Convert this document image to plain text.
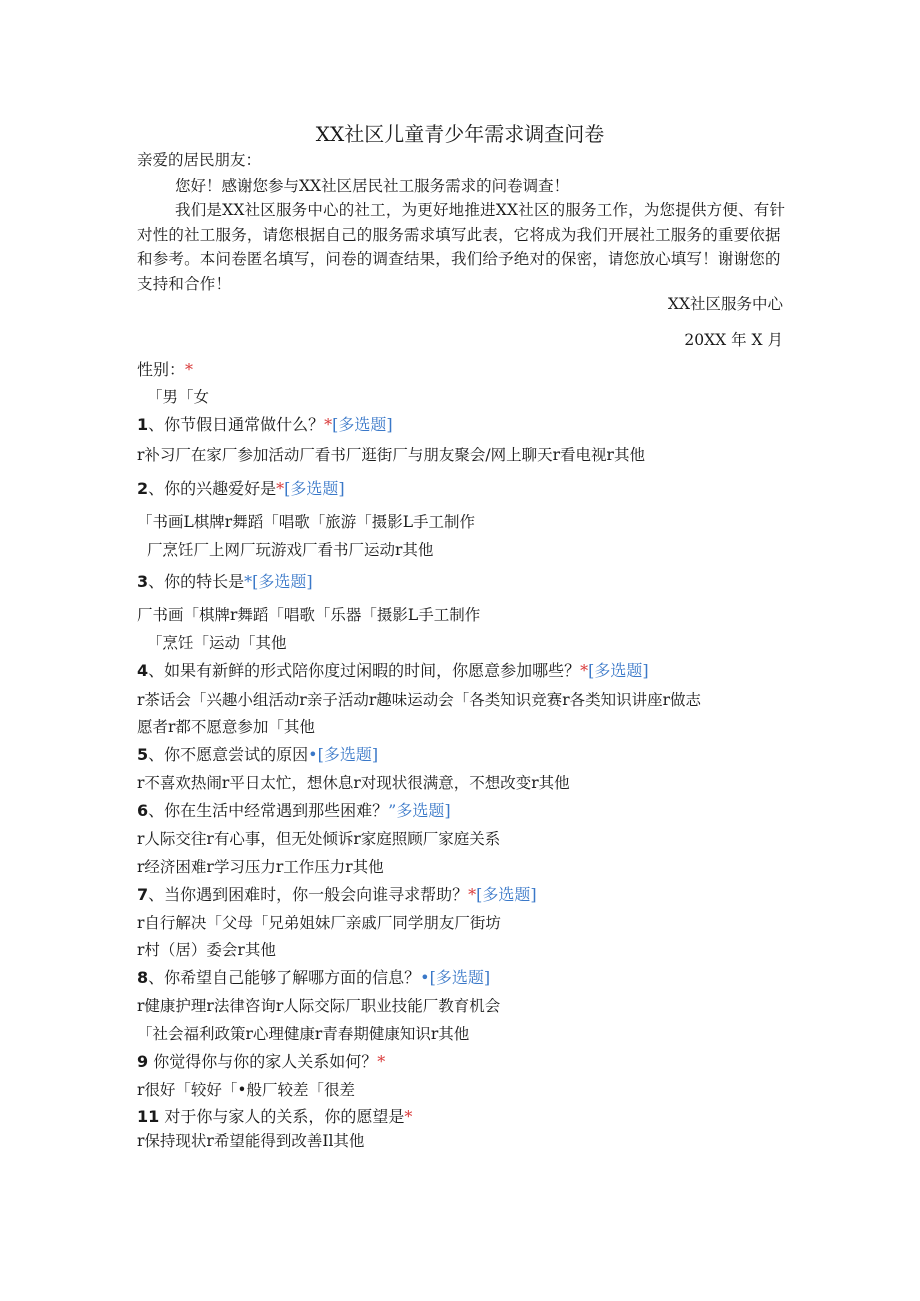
XX社区儿童青少年需求调查问卷
亲爱的居民朋友：
您好！感谢您参与XX社区居民社工服务需求的问卷调查！
我们是XX社区服务中心的社工，为更好地推进XX社区的服务工作，为您提供方便、有针对性的社工服务，请您根据自己的服务需求填写此表，它将成为我们开展社工服务的重要依据和参考。本问卷匿名填写，问卷的调查结果，我们给予绝对的保密，请您放心填写！谢谢您的支持和合作！
XX社区服务中心
20XX 年 X 月
性别：*
「男「女
1、你节假日通常做什么？*[多选题]
r补习厂在家厂参加活动厂看书厂逛街厂与朋友聚会/网上聊天r看电视r其他
2、你的兴趣爱好是*[多选题]
「书画L棋牌r舞蹈「唱歌「旅游「摄影L手工制作
厂烹饪厂上网厂玩游戏厂看书厂运动r其他
3、你的特长是*[多选题]
厂书画「棋牌r舞蹈「唱歌「乐器「摄影L手工制作
「烹饪「运动「其他
4、如果有新鲜的形式陪你度过闲暇的时间，你愿意参加哪些？*[多选题]
r茶话会「兴趣小组活动r亲子活动r趣味运动会「各类知识竞赛r各类知识讲座r做志
愿者r都不愿意参加「其他
5、你不愿意尝试的原因•[多选题]
r不喜欢热闹r平日太忙，想休息r对现状很满意，不想改变r其他
6、你在生活中经常遇到那些困难？”多选题]
r人际交往r有心事，但无处倾诉r家庭照顾厂家庭关系
r经济困难r学习压力r工作压力r其他
7、当你遇到困难时，你一般会向谁寻求帮助？*[多选题]
r自行解决「父母「兄弟姐妹厂亲戚厂同学朋友厂街坊
r村（居）委会r其他
8、你希望自己能够了解哪方面的信息？•[多选题]
r健康护理r法律咨询r人际交际厂职业技能厂教育机会
「社会福利政策r心理健康r青春期健康知识r其他
9 你觉得你与你的家人关系如何？*
r很好「较好「•般厂较差「很差
11 对于你与家人的关系，你的愿望是*
r保持现状r希望能得到改善Il其他
